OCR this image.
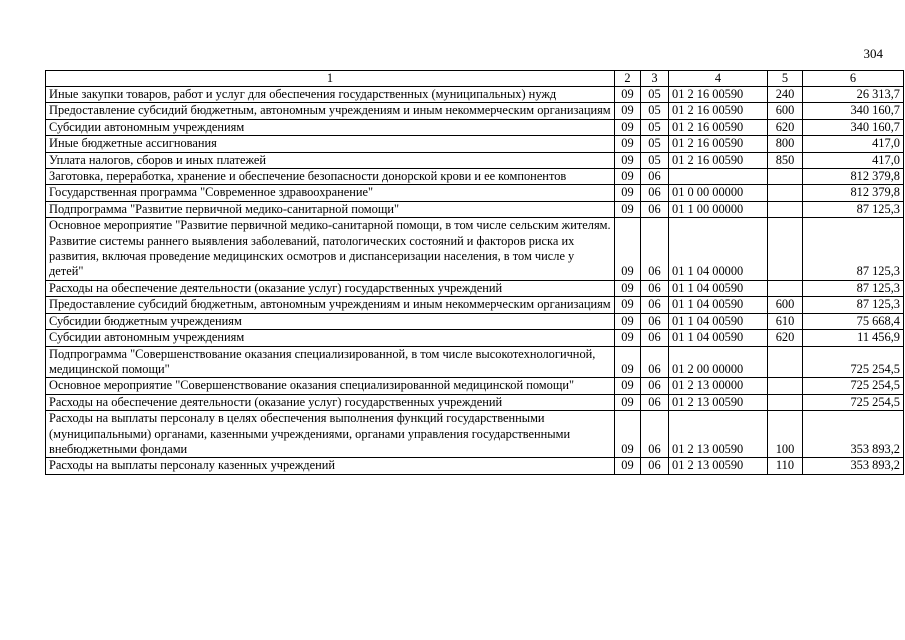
304
1	2	3	4	5	6
Иные закупки товаров, работ и услуг для обеспечения государственных (муниципальных) нужд	09	05	01 2 16 00590	240	26 313,7
Предоставление субсидий бюджетным, автономным учреждениям и иным некоммерческим организациям	09	05	01 2 16 00590	600	340 160,7
Субсидии автономным учреждениям	09	05	01 2 16 00590	620	340 160,7
Иные бюджетные ассигнования	09	05	01 2 16 00590	800	417,0
Уплата налогов, сборов и иных платежей	09	05	01 2 16 00590	850	417,0
Заготовка, переработка, хранение и обеспечение безопасности донорской крови и ее компонентов	09	06			812 379,8
Государственная программа "Современное здравоохранение"	09	06	01 0 00 00000		812 379,8
Подпрограмма "Развитие первичной медико-санитарной помощи"	09	06	01 1 00 00000		87 125,3
Основное мероприятие "Развитие первичной медико-санитарной помощи, в том числе сельским жителям. Развитие системы раннего выявления заболеваний, патологических состояний и факторов риска их развития, включая проведение медицинских осмотров и диспансеризации населения, в том числе у детей"	09	06	01 1 04 00000		87 125,3
Расходы на обеспечение деятельности (оказание услуг) государственных учреждений	09	06	01 1 04 00590		87 125,3
Предоставление субсидий бюджетным, автономным учреждениям и иным некоммерческим организациям	09	06	01 1 04 00590	600	87 125,3
Субсидии бюджетным учреждениям	09	06	01 1 04 00590	610	75 668,4
Субсидии автономным учреждениям	09	06	01 1 04 00590	620	11 456,9
Подпрограмма "Совершенствование оказания специализированной, в том числе высокотехнологичной, медицинской помощи"	09	06	01 2 00 00000		725 254,5
Основное мероприятие "Совершенствование оказания специализированной медицинской помощи"	09	06	01 2 13 00000		725 254,5
Расходы на обеспечение деятельности (оказание услуг) государственных учреждений	09	06	01 2 13 00590		725 254,5
Расходы на выплаты персоналу в целях обеспечения выполнения функций государственными (муниципальными) органами, казенными учреждениями, органами управления государственными внебюджетными фондами	09	06	01 2 13 00590	100	353 893,2
Расходы на выплаты персоналу казенных учреждений	09	06	01 2 13 00590	110	353 893,2
